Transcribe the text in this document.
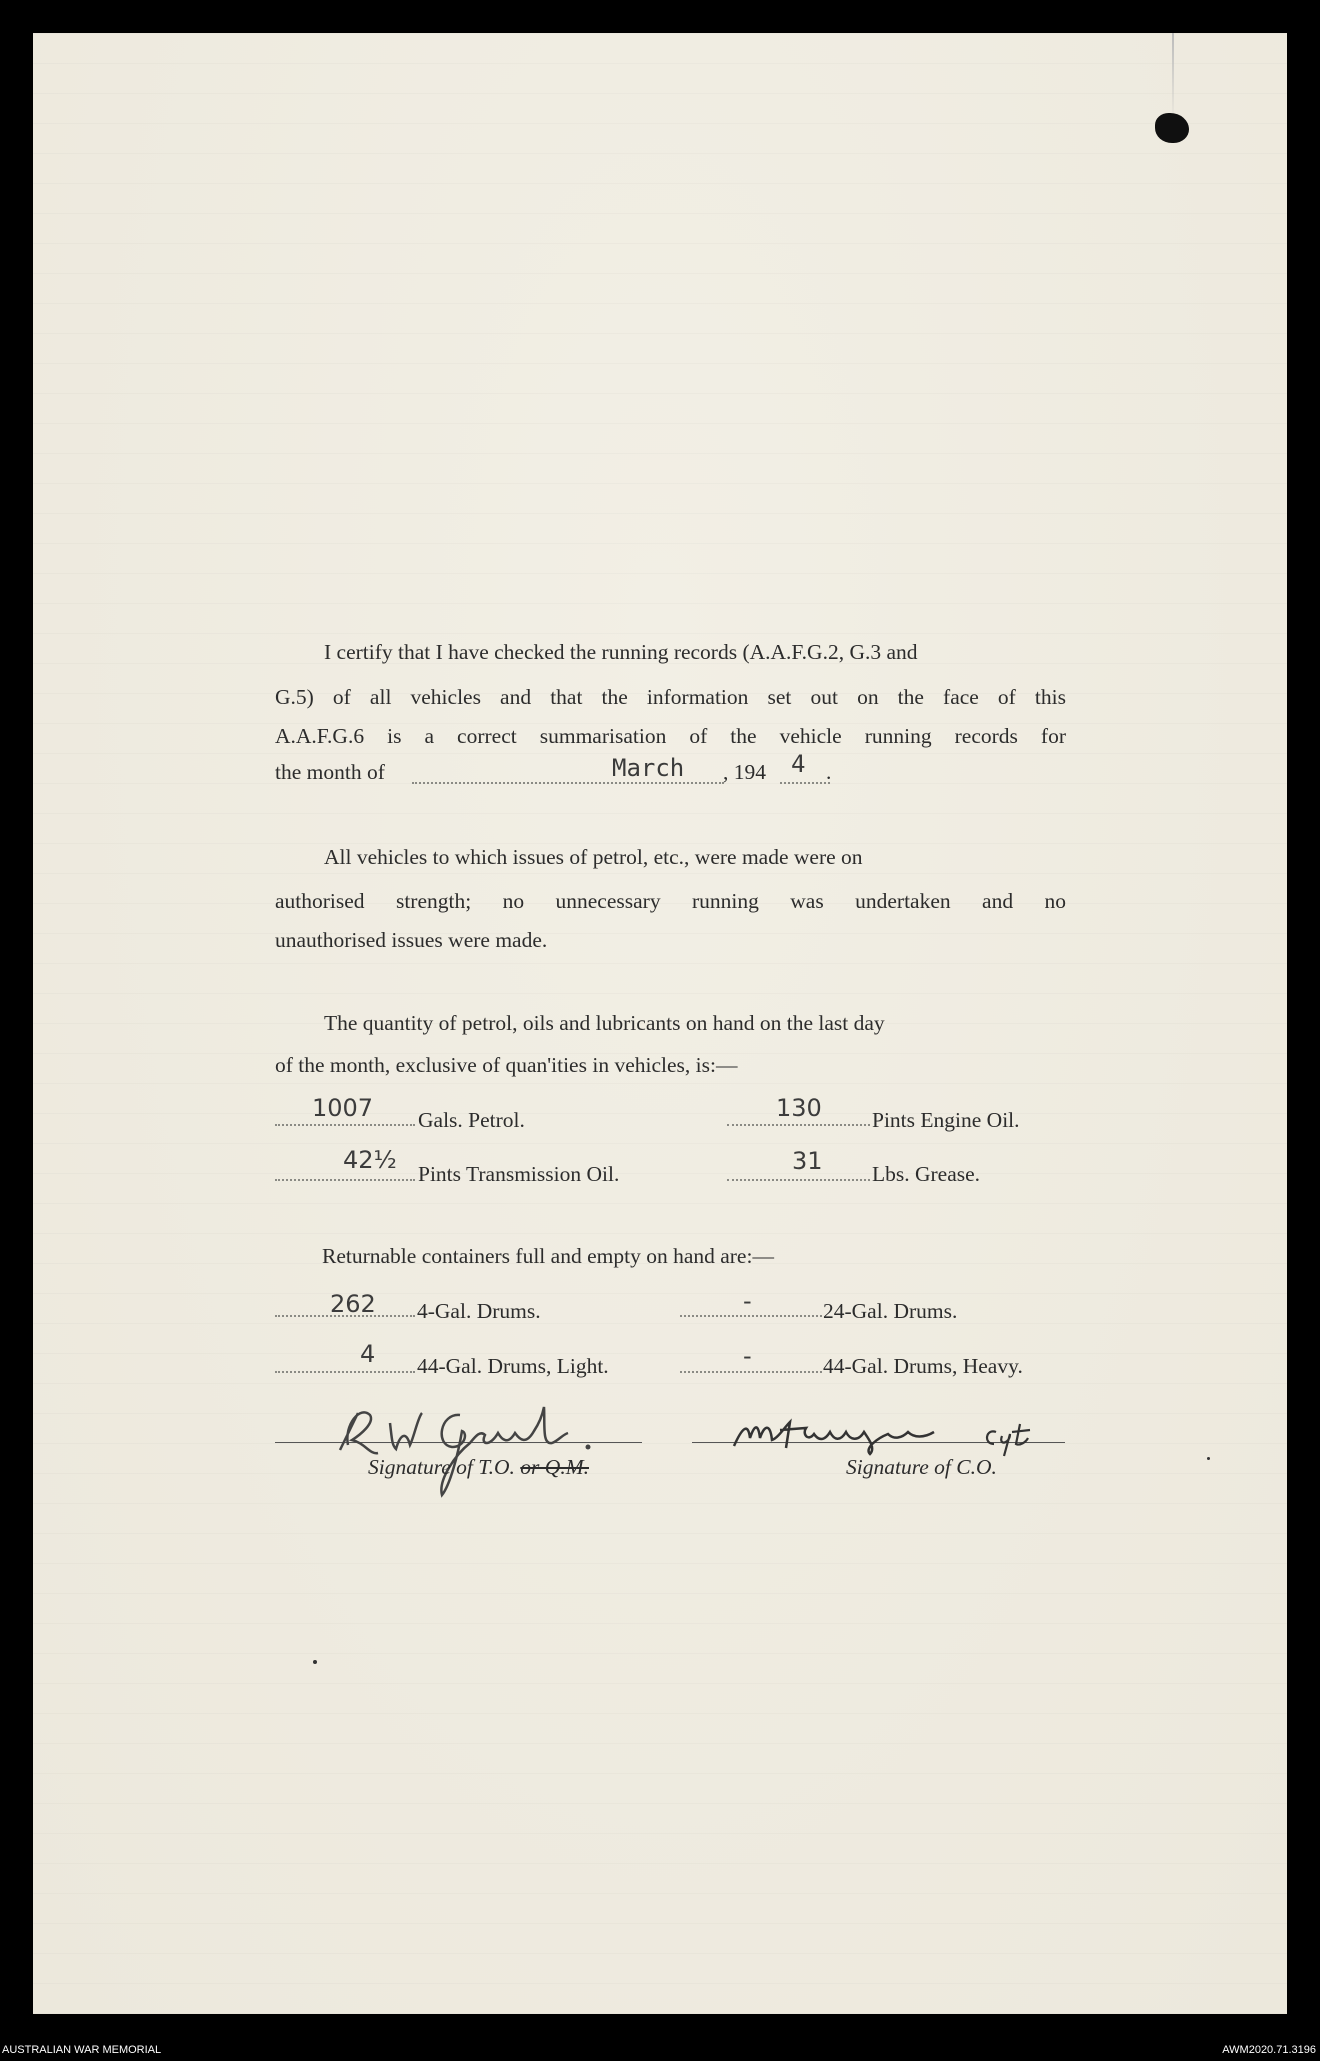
I certify that I have checked the running records (A.A.F.G.2, G.3 and
G.5) of all vehicles and that the information set out on the face of this
A.A.F.G.6 is a correct summarisation of the vehicle running records for
the month of	March , 194 4 .
All vehicles to which issues of petrol, etc., were made were on
authorised strength; no unnecessary running was undertaken and no
unauthorised issues were made.
The quantity of petrol, oils and lubricants on hand on the last day
of the month, exclusive of quan'ities in vehicles, is:—
1007 Gals. Petrol.	130 Pints Engine Oil.
42½ Pints Transmission Oil.	31 Lbs. Grease.
Returnable containers full and empty on hand are:—
262 4-Gal. Drums.	-	24-Gal. Drums.
4 44-Gal. Drums, Light.	-	44-Gal. Drums, Heavy.
Signature of T.O. or Q.M.	Signature of C.O.
AUSTRALIAN WAR MEMORIAL	AWM2020.71.3196
